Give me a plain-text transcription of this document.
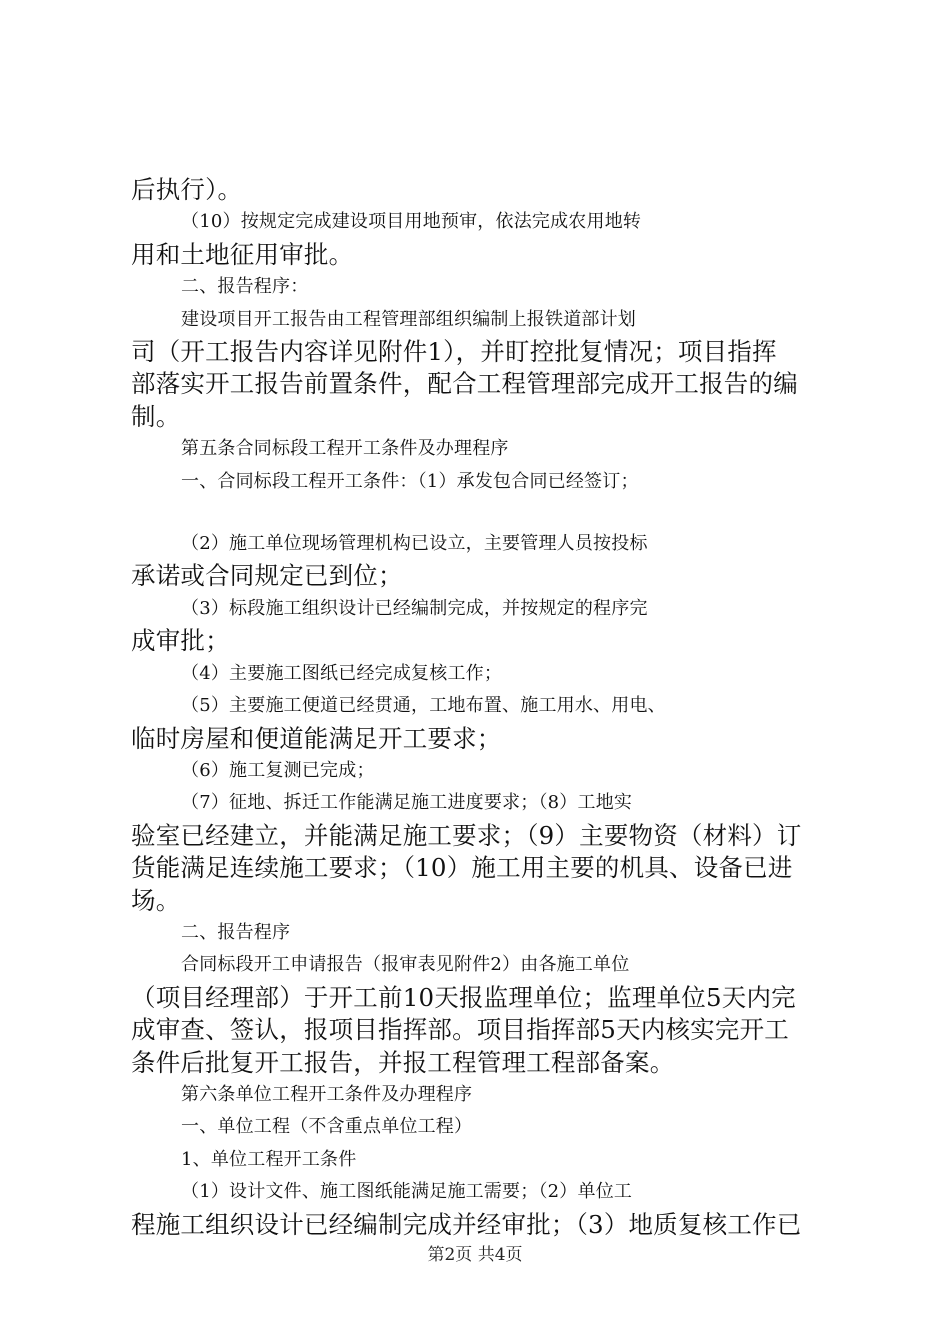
后执行）。

（10）按规定完成建设项目用地预审，依法完成农用地转

用和土地征用审批。

二、报告程序：

建设项目开工报告由工程管理部组织编制上报铁道部计划

司（开工报告内容详见附件1），并盯控批复情况；项目指挥

部落实开工报告前置条件，配合工程管理部完成开工报告的编

制。

第五条合同标段工程开工条件及办理程序

一、合同标段工程开工条件：（1）承发包合同已经签订；

（2）施工单位现场管理机构已设立，主要管理人员按投标

承诺或合同规定已到位；

（3）标段施工组织设计已经编制完成，并按规定的程序完

成审批；

（4）主要施工图纸已经完成复核工作；

（5）主要施工便道已经贯通，工地布置、施工用水、用电、

临时房屋和便道能满足开工要求；

（6）施工复测已完成；

（7）征地、拆迁工作能满足施工进度要求；（8）工地实

验室已经建立，并能满足施工要求；（9）主要物资（材料）订

货能满足连续施工要求；（10）施工用主要的机具、设备已进

场。

二、报告程序

合同标段开工申请报告（报审表见附件2）由各施工单位

（项目经理部）于开工前10天报监理单位；监理单位5天内完

成审查、签认，报项目指挥部。项目指挥部5天内核实完开工

条件后批复开工报告，并报工程管理工程部备案。

第六条单位工程开工条件及办理程序

一、单位工程（不含重点单位工程）

1、单位工程开工条件

（1）设计文件、施工图纸能满足施工需要；（2）单位工

程施工组织设计已经编制完成并经审批；（3）地质复核工作已

第2页 共4页
